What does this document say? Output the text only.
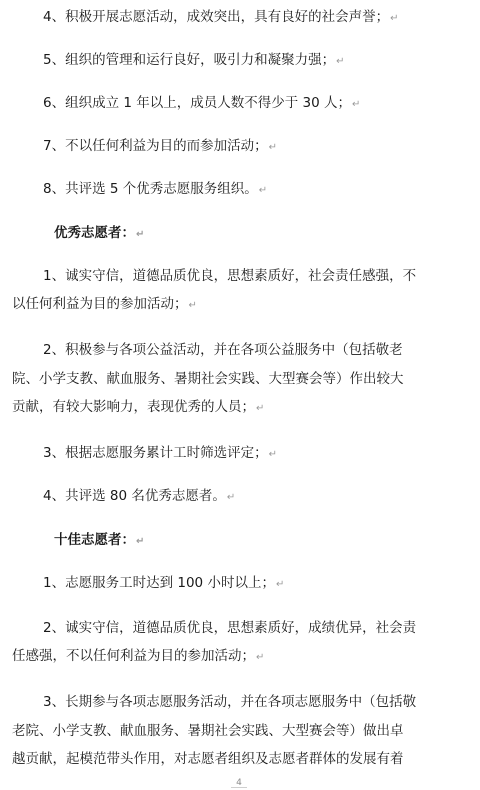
4、积极开展志愿活动，成效突出，具有良好的社会声誉；↵
5、组织的管理和运行良好，吸引力和凝聚力强；↵
6、组织成立 1 年以上，成员人数不得少于 30 人；↵
7、不以任何利益为目的而参加活动；↵
8、共评选 5 个优秀志愿服务组织。↵
优秀志愿者：↵
1、诚实守信，道德品质优良，思想素质好，社会责任感强，不
以任何利益为目的参加活动；↵
2、积极参与各项公益活动，并在各项公益服务中（包括敬老
院、小学支教、献血服务、暑期社会实践、大型赛会等）作出较大
贡献，有较大影响力，表现优秀的人员；↵
3、根据志愿服务累计工时筛选评定；↵
4、共评选 80 名优秀志愿者。↵
十佳志愿者：↵
1、志愿服务工时达到 100 小时以上；↵
2、诚实守信，道德品质优良，思想素质好，成绩优异，社会责
任感强，不以任何利益为目的参加活动；↵
3、长期参与各项志愿服务活动，并在各项志愿服务中（包括敬
老院、小学支教、献血服务、暑期社会实践、大型赛会等）做出卓
越贡献，起模范带头作用，对志愿者组织及志愿者群体的发展有着
4
